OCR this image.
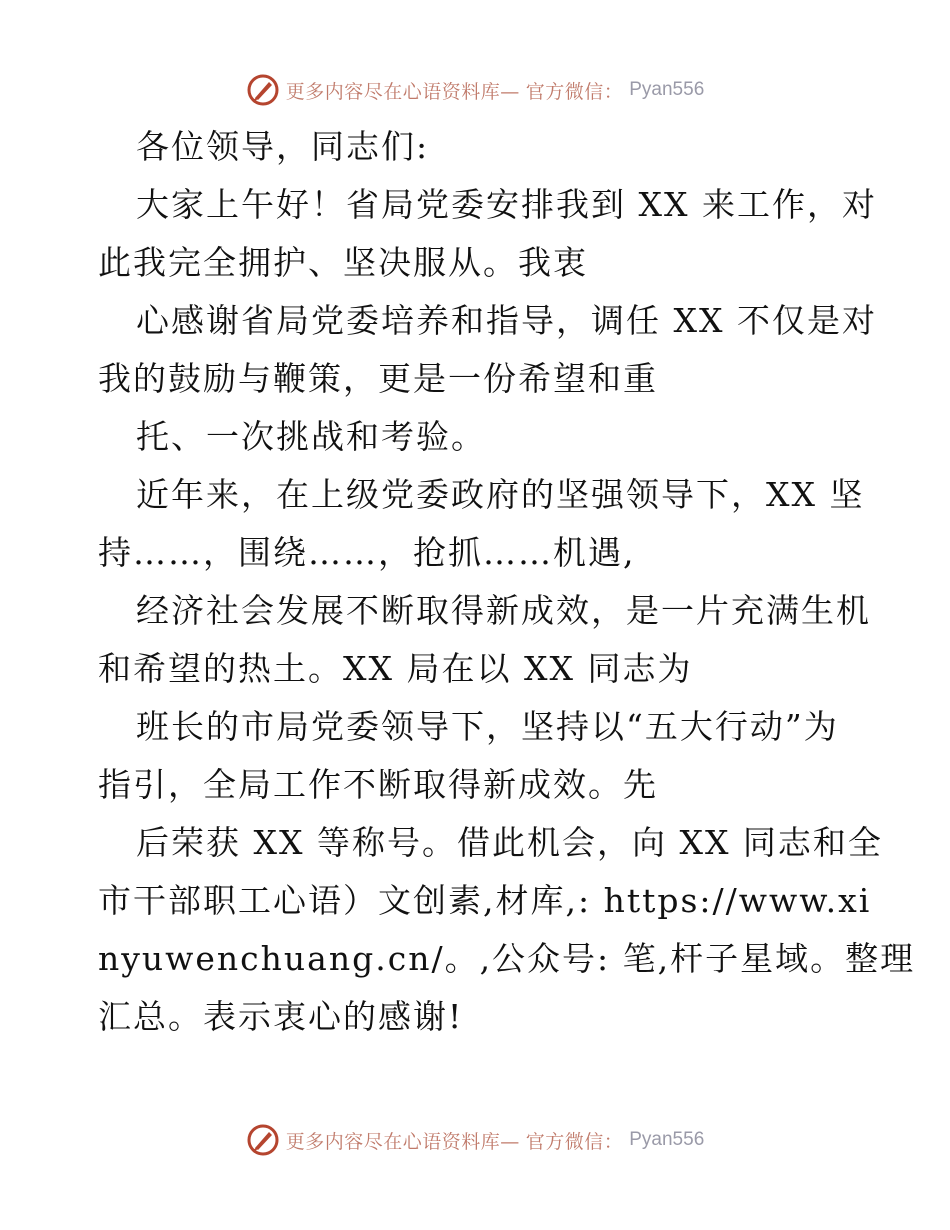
更多内容尽在心语资料库— 官方微信： Pyan556
各位领导，同志们:
大家上午好！省局党委安排我到 XX 来工作，对
此我完全拥护、坚决服从。我衷
心感谢省局党委培养和指导，调任 XX 不仅是对
我的鼓励与鞭策，更是一份希望和重
托、一次挑战和考验。
近年来，在上级党委政府的坚强领导下，XX 坚
持……，围绕……，抢抓……机遇,
经济社会发展不断取得新成效，是一片充满生机
和希望的热土。XX 局在以 XX 同志为
班长的市局党委领导下，坚持以“五大行动”为
指引，全局工作不断取得新成效。先
后荣获 XX 等称号。借此机会，向 XX 同志和全
市干部职工心语）文创素,材库,: https://www.xi
nyuwenchuang.cn/。,公众号: 笔,杆子星域。整理
汇总。表示衷心的感谢!
更多内容尽在心语资料库— 官方微信： Pyan556
